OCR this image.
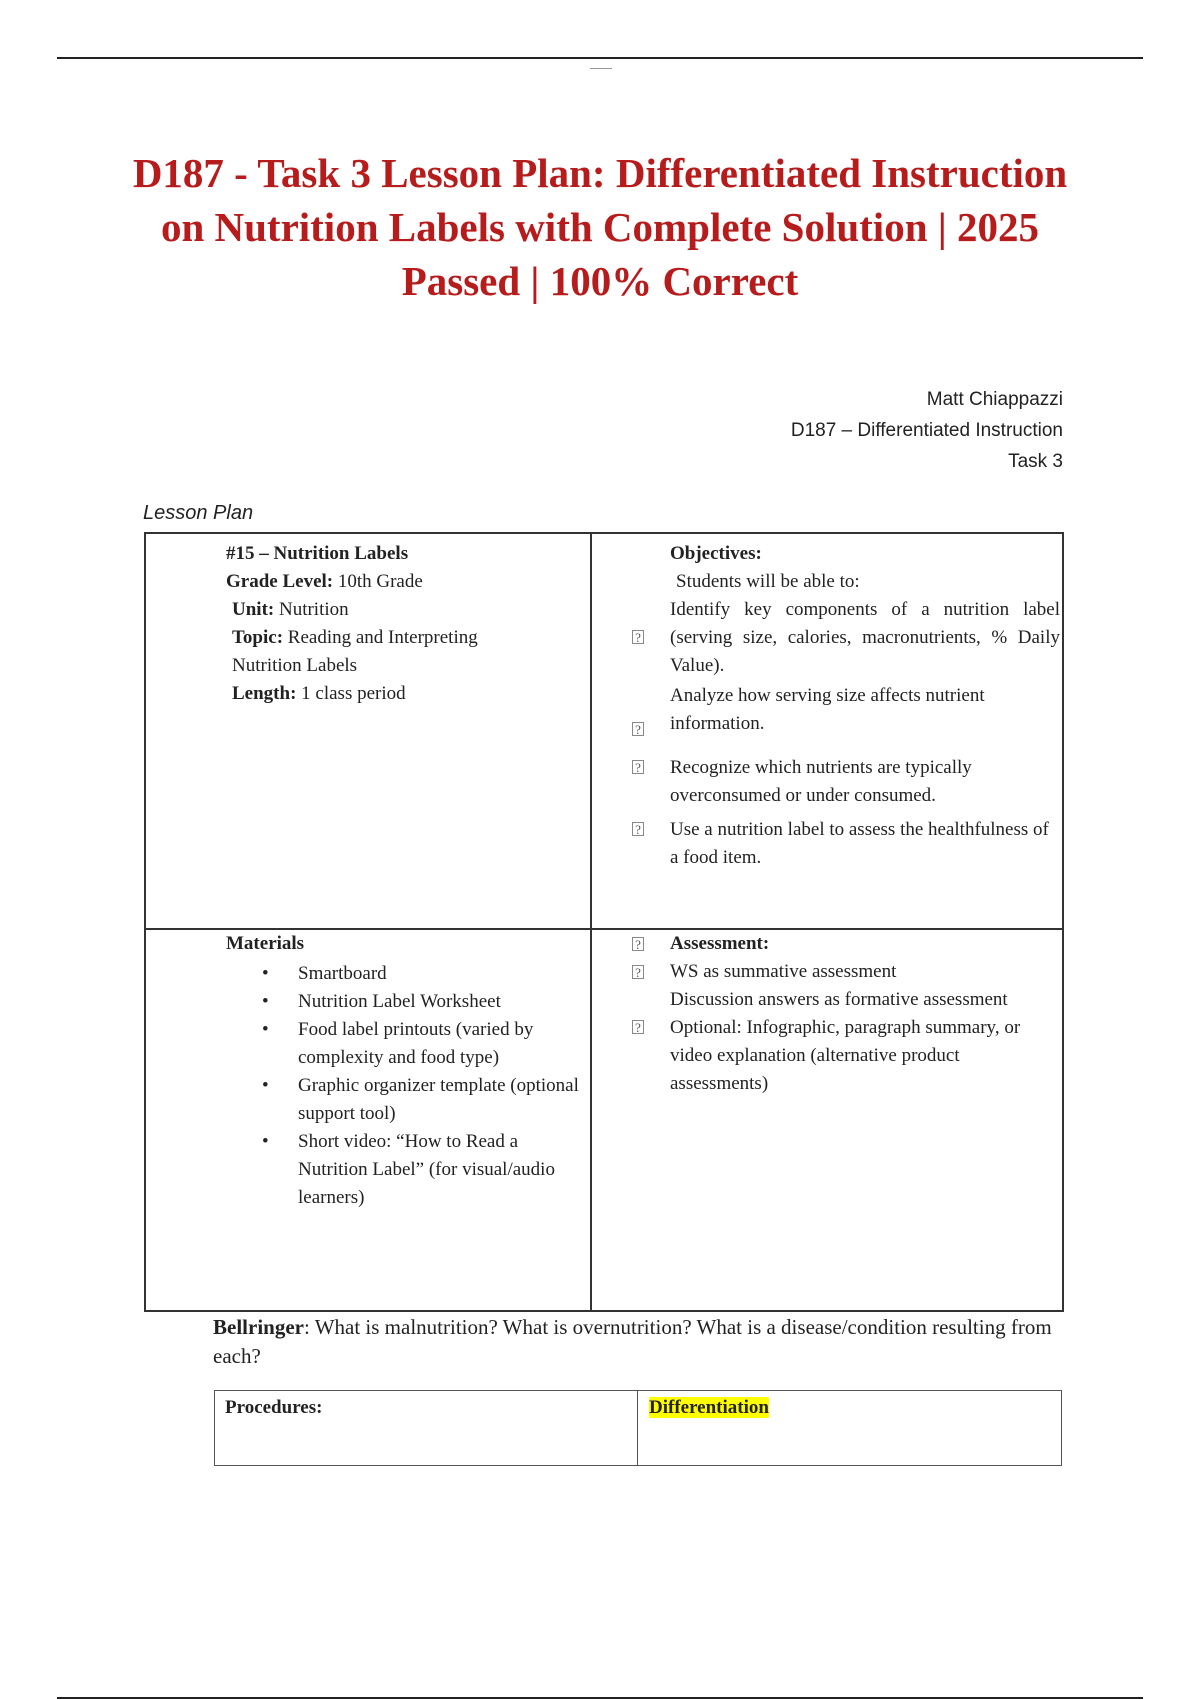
D187 - Task 3 Lesson Plan: Differentiated Instruction on Nutrition Labels with Complete Solution | 2025 Passed | 100% Correct
Matt Chiappazzi
D187 – Differentiated Instruction
Task 3
Lesson Plan
#15 – Nutrition Labels
Grade Level: 10th Grade
Unit: Nutrition
Topic: Reading and Interpreting Nutrition Labels
Length: 1 class period
Objectives:
Students will be able to:
?
Identify key components of a nutrition label (serving size, calories, macronutrients, % Daily Value).
?
Analyze how serving size affects nutrient information.
? Recognize which nutrients are typically overconsumed or under consumed.
? Use a nutrition label to assess the healthfulness of a food item.
Materials
• Smartboard
• Nutrition Label Worksheet
• Food label printouts (varied by complexity and food type)
• Graphic organizer template (optional support tool)
• Short video: “How to Read a Nutrition Label” (for visual/audio learners)
? Assessment:
? WS as summative assessment
?
Discussion answers as formative assessment
Optional: Infographic, paragraph summary, or video explanation (alternative product assessments)
Bellringer: What is malnutrition? What is overnutrition? What is a disease/condition resulting from each?
Procedures:	Differentiation
